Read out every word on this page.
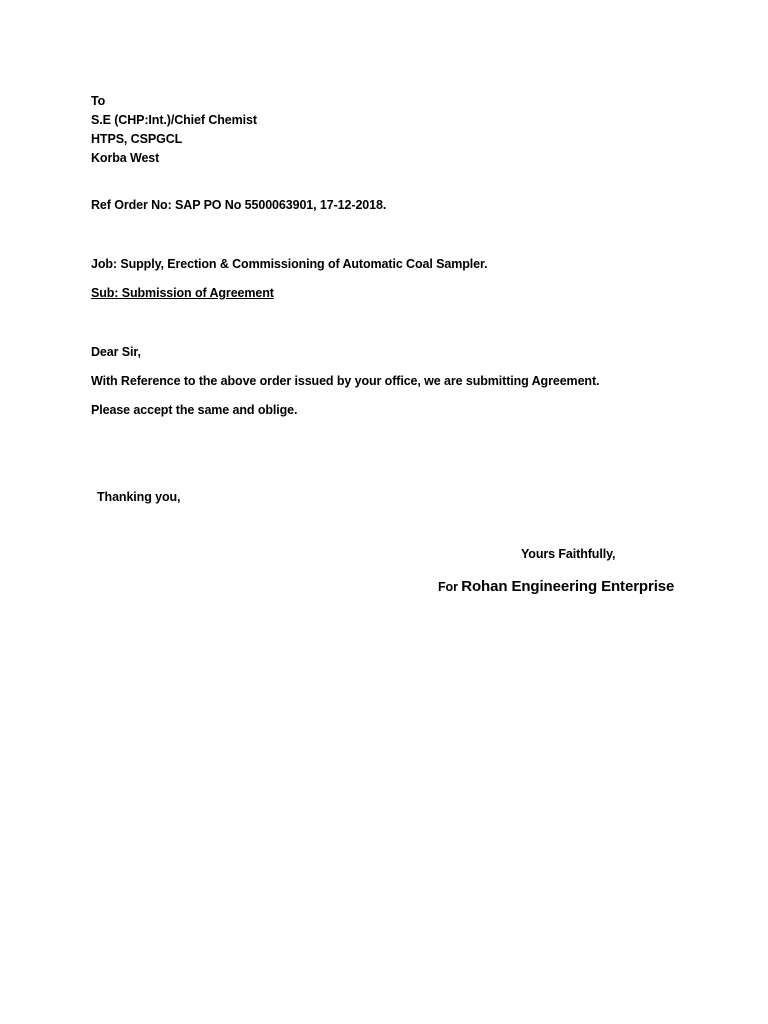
To
S.E (CHP:Int.)/Chief Chemist
HTPS, CSPGCL
Korba West
Ref Order No: SAP PO No 5500063901, 17-12-2018.
Job: Supply, Erection & Commissioning of Automatic Coal Sampler.
Sub: Submission of Agreement
Dear Sir,
With Reference to the above order issued by your office, we are submitting Agreement.
Please accept the same and oblige.
Thanking you,
Yours Faithfully,
For Rohan Engineering Enterprise
